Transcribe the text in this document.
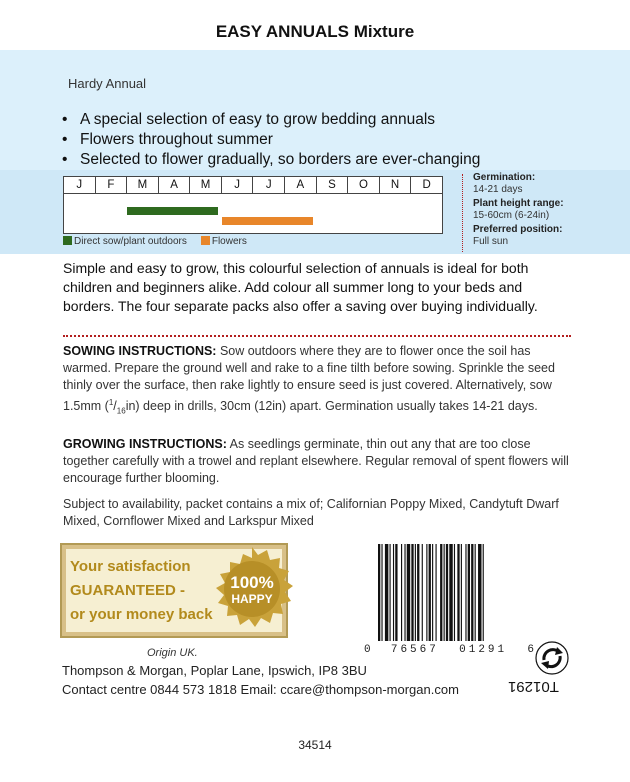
EASY ANNUALS Mixture
Hardy Annual
• A special selection of easy to grow bedding annuals
• Flowers throughout summer
• Selected to flower gradually, so borders are ever-changing
J	F	M	A	M	J	J	A	S	O	N	D
Direct sow/plant outdoors	Flowers
Germination:
14-21 days
Plant height range:
15-60cm (6-24in)
Preferred position:
Full sun
Simple and easy to grow, this colourful selection of annuals is ideal for both children and beginners alike. Add colour all summer long to your beds and borders. The four separate packs also offer a saving over buying individually.
SOWING INSTRUCTIONS: Sow outdoors where they are to flower once the soil has warmed. Prepare the ground well and rake to a fine tilth before sowing. Sprinkle the seed thinly over the surface, then rake lightly to ensure seed is just covered. Alternatively, sow 1.5mm $(^1/_{16}in)$ deep in drills, 30cm (12in) apart. Germination usually takes 14-21 days.
GROWING INSTRUCTIONS: As seedlings germinate, thin out any that are too close together carefully with a trowel and replant elsewhere. Regular removal of spent flowers will encourage further blooming.
Subject to availability, packet contains a mix of; Californian Poppy Mixed, Candytuft Dwarf Mixed, Cornflower Mixed and Larkspur Mixed
Your satisfaction
GUARANTEED -
or your money back
100%
HAPPY
0 76567 01291 6
T01291
Origin UK.
Thompson & Morgan, Poplar Lane, Ipswich, IP8 3BU
Contact centre 0844 573 1818 Email: ccare@thompson-morgan.com
34514
